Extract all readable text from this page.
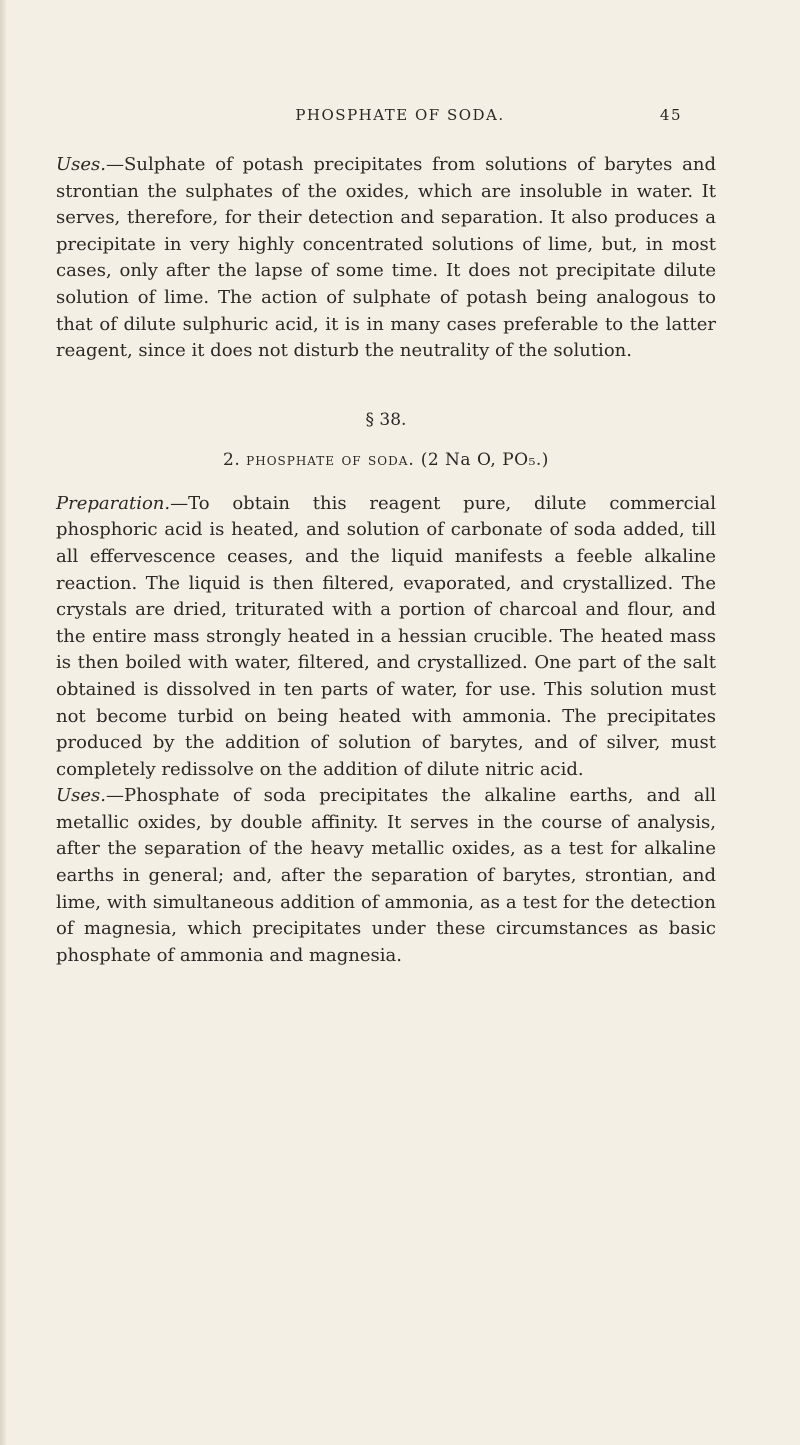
PHOSPHATE OF SODA.	45

Uses.—Sulphate of potash precipitates from solutions of barytes and strontian the sulphates of the oxides, which are insoluble in water. It serves, therefore, for their detection and separation. It also produces a precipitate in very highly concentrated solutions of lime, but, in most cases, only after the lapse of some time. It does not precipitate dilute solution of lime. The action of sulphate of potash being analogous to that of dilute sulphuric acid, it is in many cases preferable to the latter reagent, since it does not disturb the neutrality of the solution.

§ 38.
2. phosphate of soda. (2 Na O, PO₅.)

Preparation.—To obtain this reagent pure, dilute commercial phosphoric acid is heated, and solution of carbonate of soda added, till all effervescence ceases, and the liquid manifests a feeble alkaline reaction. The liquid is then filtered, evaporated, and crystallized. The crystals are dried, triturated with a portion of charcoal and flour, and the entire mass strongly heated in a hessian crucible. The heated mass is then boiled with water, filtered, and crystallized. One part of the salt obtained is dissolved in ten parts of water, for use. This solution must not become turbid on being heated with ammonia. The precipitates produced by the addition of solution of barytes, and of silver, must completely redissolve on the addition of dilute nitric acid.

Uses.—Phosphate of soda precipitates the alkaline earths, and all metallic oxides, by double affinity. It serves in the course of analysis, after the separation of the heavy metallic oxides, as a test for alkaline earths in general; and, after the separation of barytes, strontian, and lime, with simultaneous addition of ammonia, as a test for the detection of magnesia, which precipitates under these circumstances as basic phosphate of ammonia and magnesia.
